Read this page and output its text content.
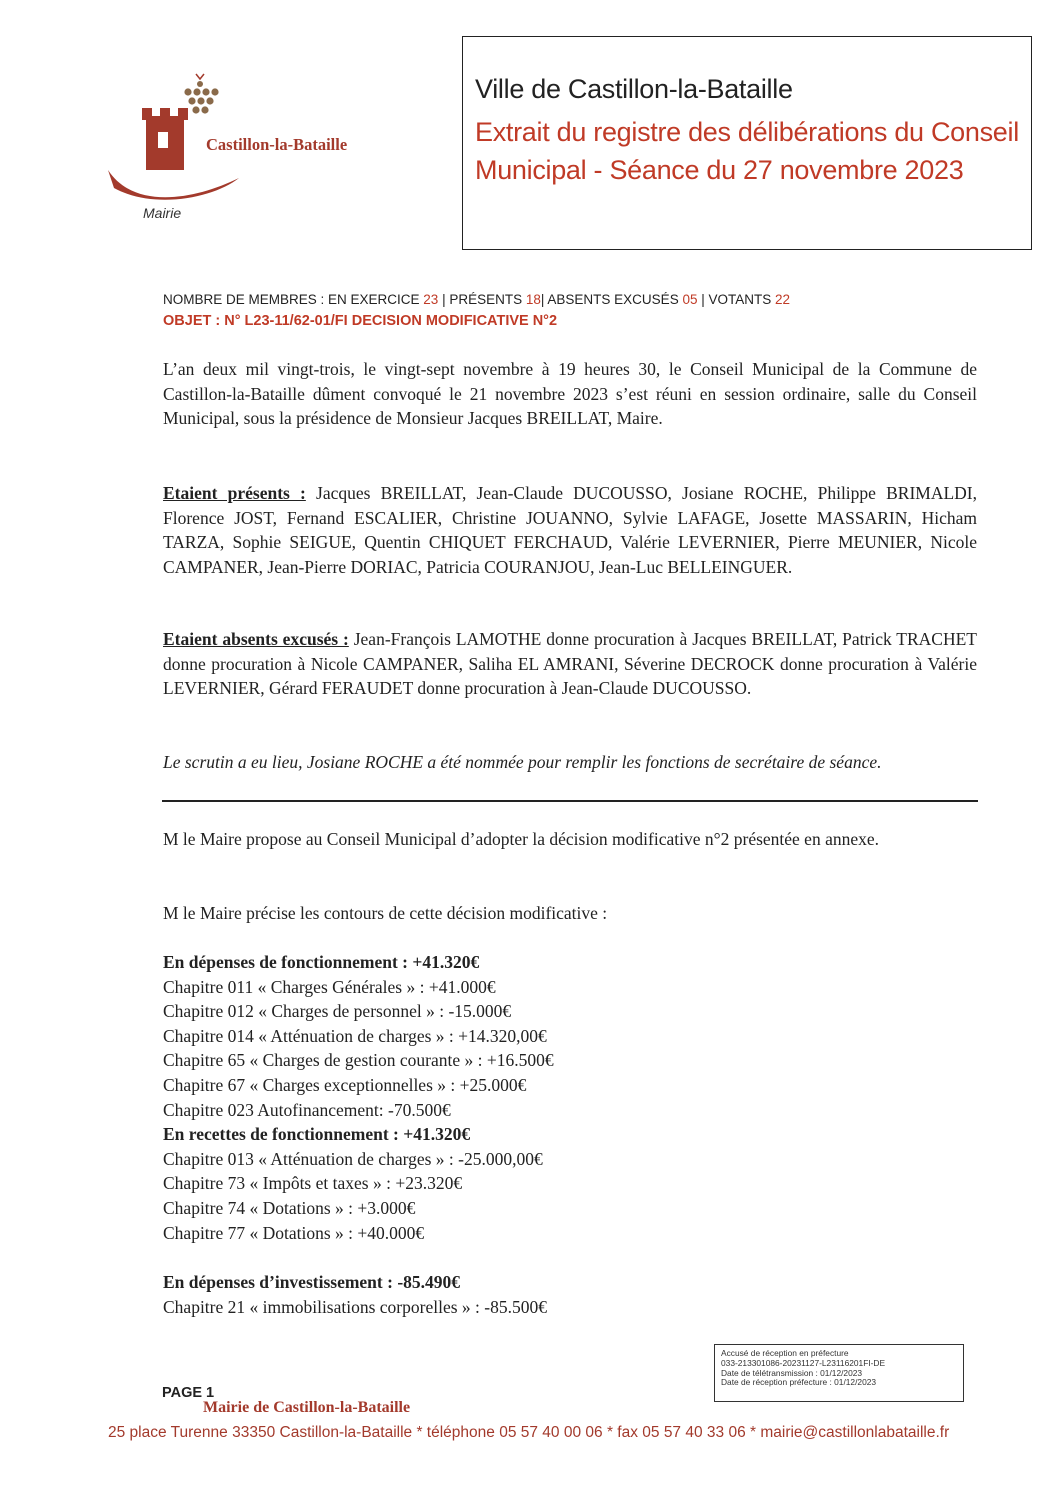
Castillon-la-Bataille
Mairie
Ville de Castillon-la-Bataille
Extrait du registre des délibérations du Conseil Municipal - Séance du 27 novembre 2023
NOMBRE DE MEMBRES : EN EXERCICE 23 | PRÉSENTS 18| ABSENTS EXCUSÉS 05 | VOTANTS 22
OBJET : N° L23-11/62-01/FI DECISION MODIFICATIVE N°2
L’an deux mil vingt-trois, le vingt-sept novembre à 19 heures 30, le Conseil Municipal de la Commune de Castillon-la-Bataille dûment convoqué le 21 novembre 2023 s’est réuni en session ordinaire, salle du Conseil Municipal, sous la présidence de Monsieur Jacques BREILLAT, Maire.
Etaient présents : Jacques BREILLAT, Jean-Claude DUCOUSSO, Josiane ROCHE, Philippe BRIMALDI, Florence JOST, Fernand ESCALIER, Christine JOUANNO, Sylvie LAFAGE, Josette MASSARIN, Hicham TARZA, Sophie SEIGUE, Quentin CHIQUET FERCHAUD, Valérie LEVERNIER, Pierre MEUNIER, Nicole CAMPANER, Jean-Pierre DORIAC, Patricia COURANJOU, Jean-Luc BELLEINGUER.
Etaient absents excusés : Jean-François LAMOTHE donne procuration à Jacques BREILLAT, Patrick TRACHET donne procuration à Nicole CAMPANER, Saliha EL AMRANI, Séverine DECROCK donne procuration à Valérie LEVERNIER, Gérard FERAUDET donne procuration à Jean-Claude DUCOUSSO.
Le scrutin a eu lieu, Josiane ROCHE a été nommée pour remplir les fonctions de secrétaire de séance.
M le Maire propose au Conseil Municipal d’adopter la décision modificative n°2 présentée en annexe.
M le Maire précise les contours de cette décision modificative :
En dépenses de fonctionnement : +41.320€
Chapitre 011 « Charges Générales » : +41.000€
Chapitre 012 « Charges de personnel » : -15.000€
Chapitre 014 « Atténuation de charges » : +14.320,00€
Chapitre 65 « Charges de gestion courante » : +16.500€
Chapitre 67 « Charges exceptionnelles » : +25.000€
Chapitre 023 Autofinancement: -70.500€
En recettes de fonctionnement : +41.320€
Chapitre 013 « Atténuation de charges » : -25.000,00€
Chapitre 73 « Impôts et taxes » : +23.320€
Chapitre 74 « Dotations » : +3.000€
Chapitre 77 « Dotations » : +40.000€
En dépenses d’investissement : -85.490€
Chapitre 21 « immobilisations corporelles » : -85.500€
Accusé de réception en préfecture
033-213301086-20231127-L23116201FI-DE
Date de télétransmission : 01/12/2023
Date de réception préfecture : 01/12/2023
PAGE 1
Mairie de Castillon-la-Bataille
25 place Turenne 33350 Castillon-la-Bataille * téléphone 05 57 40 00 06 * fax 05 57 40 33 06 * mairie@castillonlabataille.fr
